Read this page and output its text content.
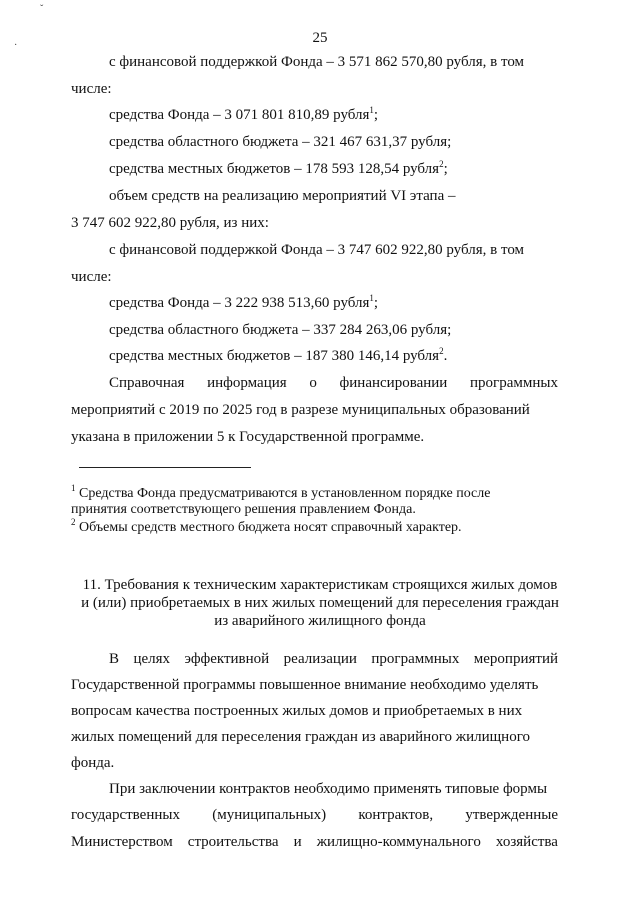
ˇ
·	25
с финансовой поддержкой Фонда – 3 571 862 570,80 рубля, в том
числе:
средства Фонда – 3 071 801 810,89 рубля$^1$;
средства областного бюджета – 321 467 631,37 рубля;
средства местных бюджетов – 178 593 128,54 рубля$^2$;
объем средств на реализацию мероприятий VI этапа –
3 747 602 922,80 рубля, из них:
с финансовой поддержкой Фонда – 3 747 602 922,80 рубля, в том
числе:
средства Фонда – 3 222 938 513,60 рубля$^1$;
средства областного бюджета – 337 284 263,06 рубля;
средства местных бюджетов – 187 380 146,14 рубля$^2$.
Справочная информация о финансировании программных
мероприятий с 2019 по 2025 год в разрезе муниципальных образований
указана в приложении 5 к Государственной программе.
$^1$ Средства Фонда предусматриваются в установленном порядке после
принятия соответствующего решения правлением Фонда.
$^2$ Объемы средств местного бюджета носят справочный характер.
11. Требования к техническим характеристикам строящихся жилых домов
и (или) приобретаемых в них жилых помещений для переселения граждан
из аварийного жилищного фонда
В целях эффективной реализации программных мероприятий
Государственной программы повышенное внимание необходимо уделять
вопросам качества построенных жилых домов и приобретаемых в них
жилых помещений для переселения граждан из аварийного жилищного
фонда.
При заключении контрактов необходимо применять типовые формы
государственных (муниципальных) контрактов, утвержденные
Министерством строительства и жилищно-коммунального хозяйства
